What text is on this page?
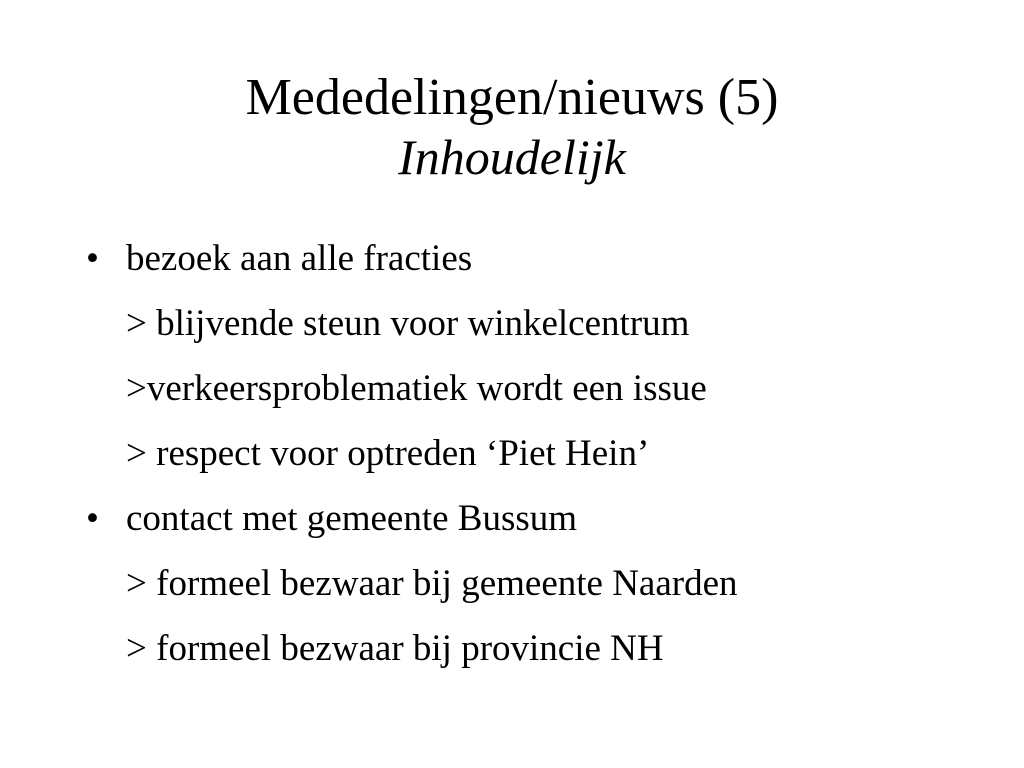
Mededelingen/nieuws (5)
Inhoudelijk
• bezoek aan alle fracties
> blijvende steun voor winkelcentrum
>verkeersproblematiek wordt een issue
> respect voor optreden ‘Piet Hein’
• contact met gemeente Bussum
> formeel bezwaar bij gemeente Naarden
> formeel bezwaar bij provincie NH
